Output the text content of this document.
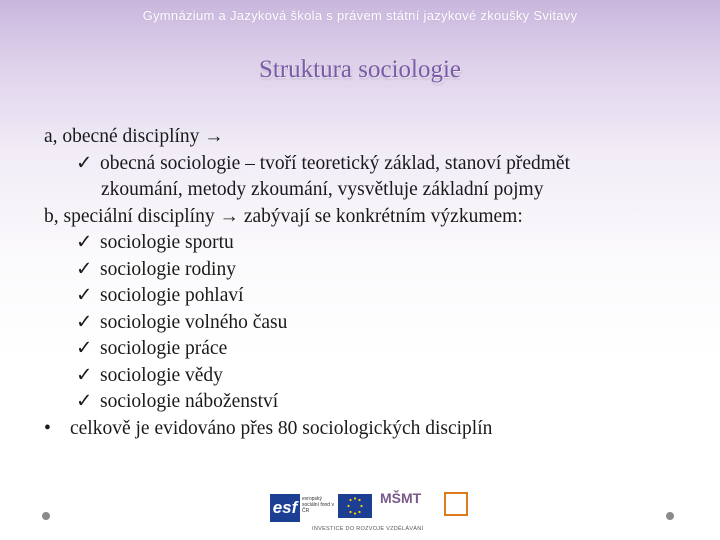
Gymnázium a Jazyková škola s právem státní jazykové zkoušky Svitavy
Struktura sociologie
a, obecné disciplíny →
✓ obecná sociologie – tvoří teoretický základ, stanoví předmět
zkoumání, metody zkoumání, vysvětluje základní pojmy
b, speciální disciplíny → zabývají se konkrétním výzkumem:
✓ sociologie sportu
✓ sociologie rodiny
✓ sociologie pohlaví
✓ sociologie volného času
✓ sociologie práce
✓ sociologie vědy
✓ sociologie náboženství
• celkově je evidováno přes 80 sociologických disciplín
esf evropský sociální fond v ČR
MŠMT
INVESTICE DO ROZVOJE VZDĚLÁVÁNÍ
